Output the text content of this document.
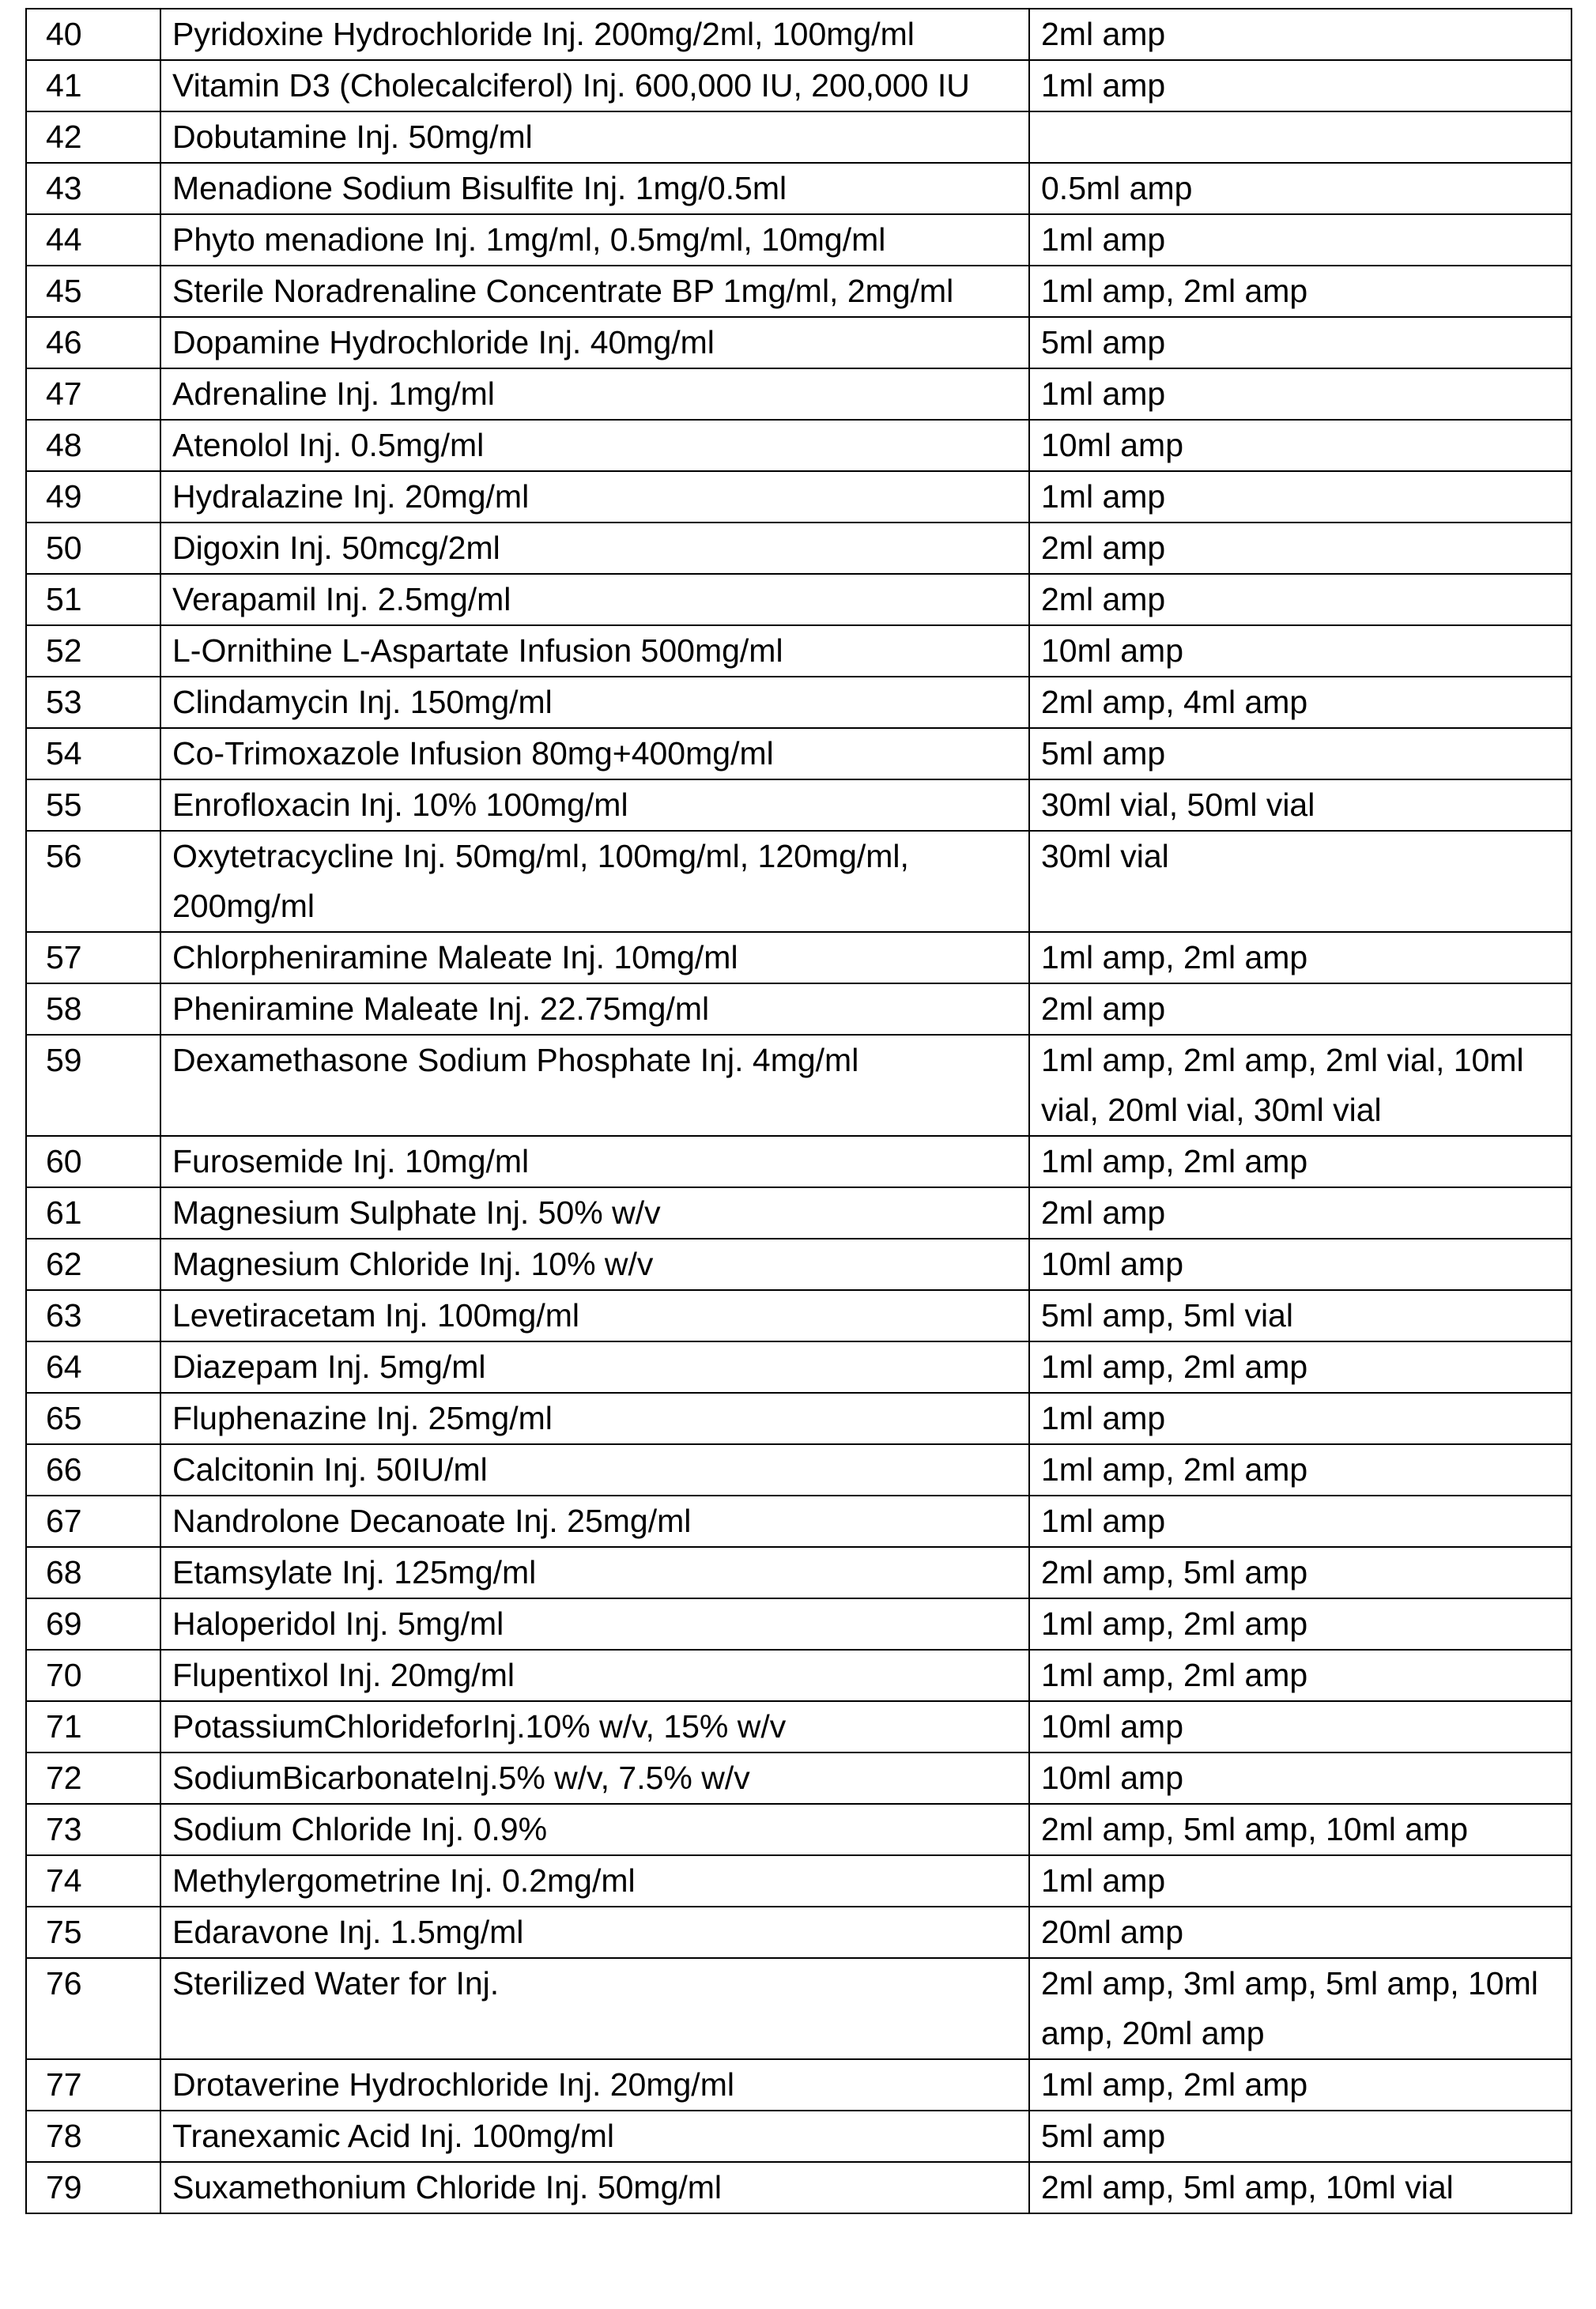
40	Pyridoxine Hydrochloride Inj. 200mg/2ml, 100mg/ml	2ml amp
41	Vitamin D3 (Cholecalciferol) Inj. 600,000 IU, 200,000 IU	1ml amp
42	Dobutamine Inj. 50mg/ml	
43	Menadione Sodium Bisulfite Inj. 1mg/0.5ml	0.5ml amp
44	Phyto menadione Inj. 1mg/ml, 0.5mg/ml, 10mg/ml	1ml amp
45	Sterile Noradrenaline Concentrate BP 1mg/ml, 2mg/ml	1ml amp, 2ml amp
46	Dopamine Hydrochloride Inj. 40mg/ml	5ml amp
47	Adrenaline Inj. 1mg/ml	1ml amp
48	Atenolol Inj. 0.5mg/ml	10ml amp
49	Hydralazine Inj. 20mg/ml	1ml amp
50	Digoxin Inj. 50mcg/2ml	2ml amp
51	Verapamil Inj. 2.5mg/ml	2ml amp
52	L-Ornithine L-Aspartate Infusion 500mg/ml	10ml amp
53	Clindamycin Inj. 150mg/ml	2ml amp, 4ml amp
54	Co-Trimoxazole Infusion 80mg+400mg/ml	5ml amp
55	Enrofloxacin Inj. 10% 100mg/ml	30ml vial, 50ml vial
56	Oxytetracycline Inj. 50mg/ml, 100mg/ml, 120mg/ml, 200mg/ml	30ml vial
57	Chlorpheniramine Maleate Inj. 10mg/ml	1ml amp, 2ml amp
58	Pheniramine Maleate Inj. 22.75mg/ml	2ml amp
59	Dexamethasone Sodium Phosphate Inj. 4mg/ml	1ml amp, 2ml amp, 2ml vial, 10ml vial, 20ml vial, 30ml vial
60	Furosemide Inj. 10mg/ml	1ml amp, 2ml amp
61	Magnesium Sulphate Inj. 50% w/v	2ml amp
62	Magnesium Chloride Inj. 10% w/v	10ml amp
63	Levetiracetam Inj. 100mg/ml	5ml amp, 5ml vial
64	Diazepam Inj. 5mg/ml	1ml amp, 2ml amp
65	Fluphenazine Inj. 25mg/ml	1ml amp
66	Calcitonin Inj. 50IU/ml	1ml amp, 2ml amp
67	Nandrolone Decanoate Inj. 25mg/ml	1ml amp
68	Etamsylate Inj. 125mg/ml	2ml amp, 5ml amp
69	Haloperidol Inj. 5mg/ml	1ml amp, 2ml amp
70	Flupentixol Inj. 20mg/ml	1ml amp, 2ml amp
71	PotassiumChlorideforInj.10% w/v, 15% w/v	10ml amp
72	SodiumBicarbonateInj.5% w/v, 7.5% w/v	10ml amp
73	Sodium Chloride Inj. 0.9%	2ml amp, 5ml amp, 10ml amp
74	Methylergometrine Inj. 0.2mg/ml	1ml amp
75	Edaravone Inj. 1.5mg/ml	20ml amp
76	Sterilized Water for Inj.	2ml amp, 3ml amp, 5ml amp, 10ml amp, 20ml amp
77	Drotaverine Hydrochloride Inj. 20mg/ml	1ml amp, 2ml amp
78	Tranexamic Acid Inj. 100mg/ml	5ml amp
79	Suxamethonium Chloride Inj. 50mg/ml	2ml amp, 5ml amp, 10ml vial
